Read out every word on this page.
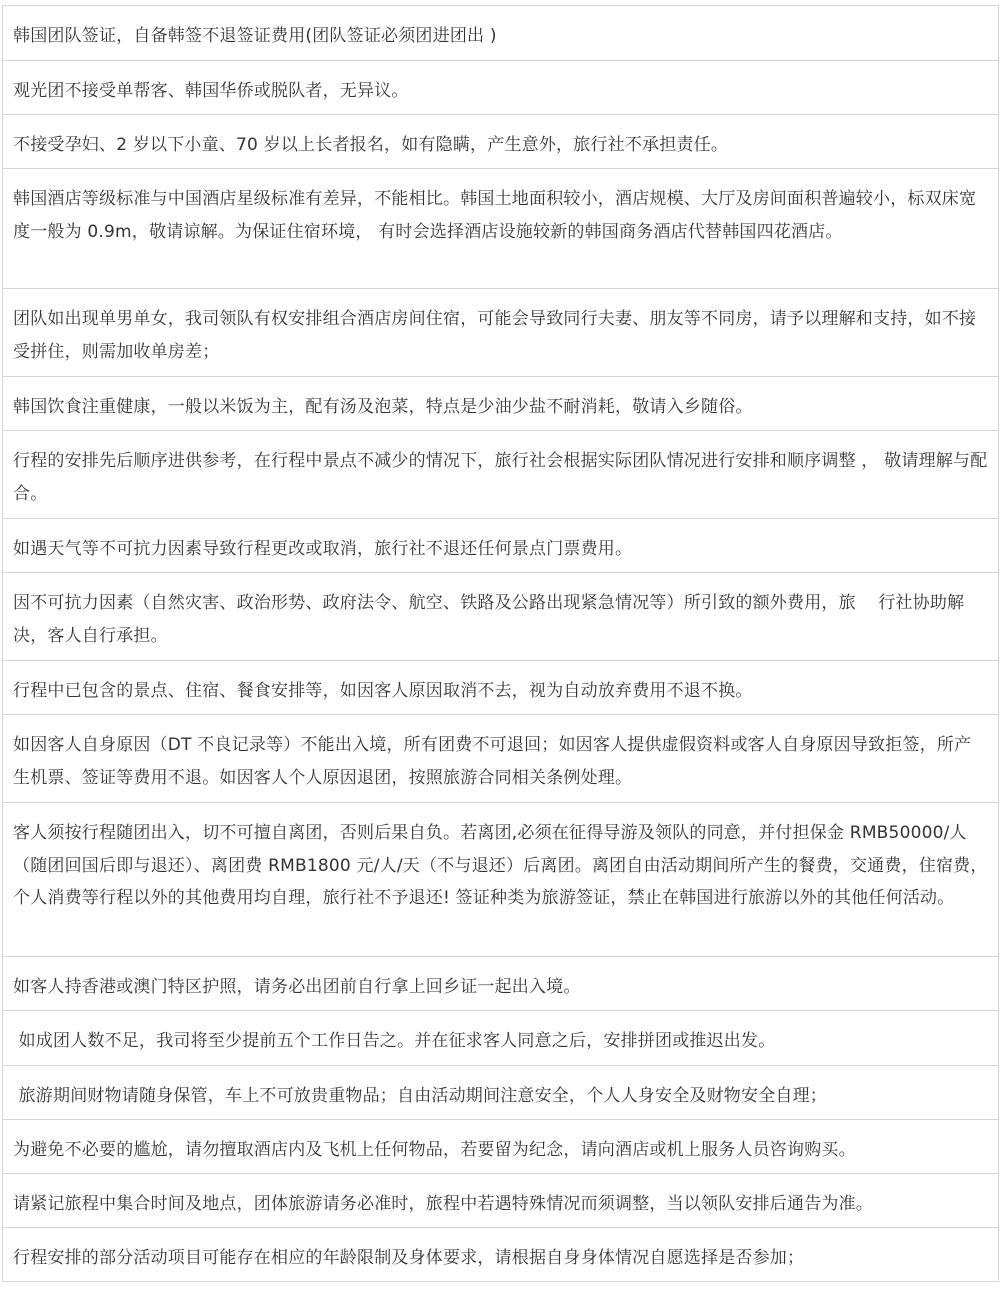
韩国团队签证，自备韩签不退签证费用(团队签证必须团进团出 )
观光团不接受单帮客、韩国华侨或脱队者，无异议。
不接受孕妇、2 岁以下小童、70 岁以上长者报名，如有隐瞒，产生意外，旅行社不承担责任。
韩国酒店等级标准与中国酒店星级标准有差异，不能相比。韩国土地面积较小，酒店规模、大厅及房间面积普遍较小，标双床宽度一般为 0.9m，敬请谅解。为保证住宿环境， 有时会选择酒店设施较新的韩国商务酒店代替韩国四花酒店。
团队如出现单男单女，我司领队有权安排组合酒店房间住宿，可能会导致同行夫妻、朋友等不同房，请予以理解和支持，如不接受拼住，则需加收单房差；
韩国饮食注重健康，一般以米饭为主，配有汤及泡菜，特点是少油少盐不耐消耗，敬请入乡随俗。
行程的安排先后顺序进供参考，在行程中景点不减少的情况下，旅行社会根据实际团队情况进行安排和顺序调整 ， 敬请理解与配合。
如遇天气等不可抗力因素导致行程更改或取消，旅行社不退还任何景点门票费用。
因不可抗力因素（自然灾害、政治形势、政府法令、航空、铁路及公路出现紧急情况等）所引致的额外费用，旅    行社协助解决，客人自行承担。
行程中已包含的景点、住宿、餐食安排等，如因客人原因取消不去，视为自动放弃费用不退不换。
如因客人自身原因（DT 不良记录等）不能出入境，所有团费不可退回；如因客人提供虚假资料或客人自身原因导致拒签，所产生机票、签证等费用不退。如因客人个人原因退团，按照旅游合同相关条例处理。
客人须按行程随团出入，切不可擅自离团，否则后果自负。若离团,必须在征得导游及领队的同意，并付担保金 RMB50000/人（随团回国后即与退还）、离团费 RMB1800 元/人/天（不与退还）后离团。离团自由活动期间所产生的餐费，交通费，住宿费，个人消费等行程以外的其他费用均自理，旅行社不予退还! 签证种类为旅游签证，禁止在韩国进行旅游以外的其他任何活动。
如客人持香港或澳门特区护照，请务必出团前自行拿上回乡证一起出入境。
如成团人数不足，我司将至少提前五个工作日告之。并在征求客人同意之后，安排拼团或推迟出发。
旅游期间财物请随身保管，车上不可放贵重物品；自由活动期间注意安全，个人人身安全及财物安全自理；
为避免不必要的尴尬，请勿擅取酒店内及飞机上任何物品，若要留为纪念，请向酒店或机上服务人员咨询购买。
请紧记旅程中集合时间及地点，团体旅游请务必准时，旅程中若遇特殊情况而须调整，当以领队安排后通告为准。
行程安排的部分活动项目可能存在相应的年龄限制及身体要求，请根据自身身体情况自愿选择是否参加；
